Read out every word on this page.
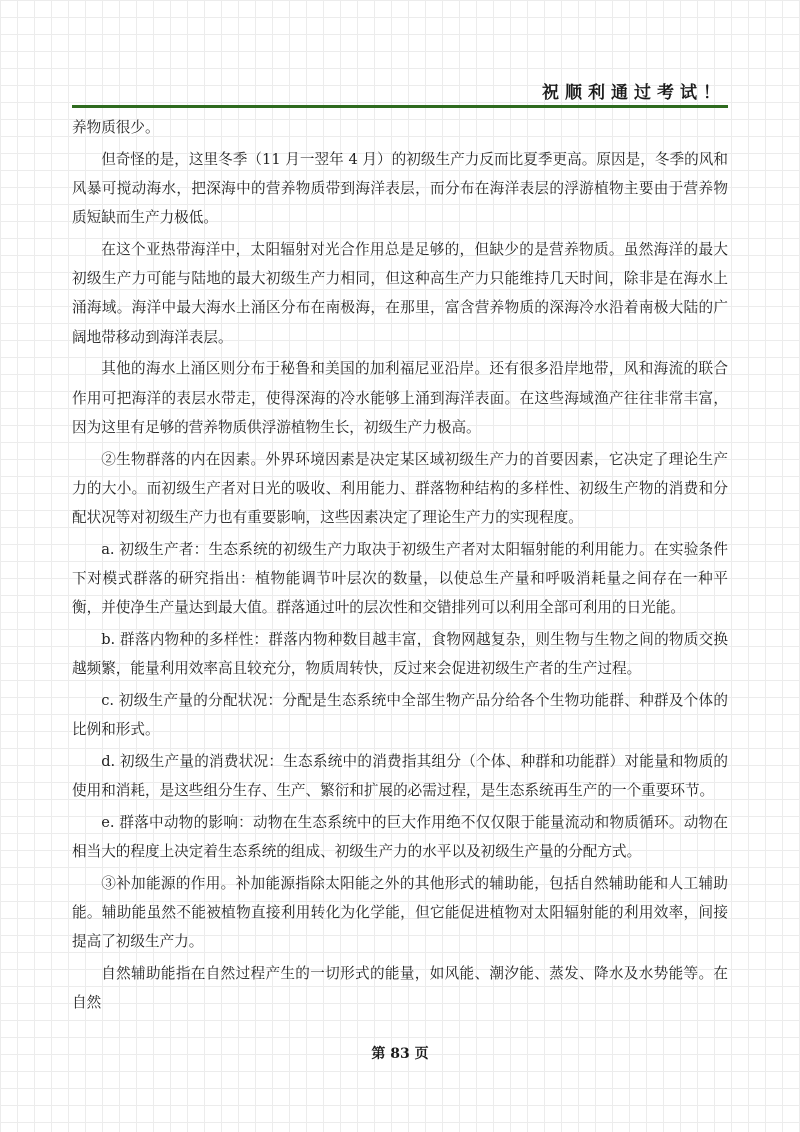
祝顺利通过考试！

养物质很少。

但奇怪的是，这里冬季（11 月一翌年 4 月）的初级生产力反而比夏季更高。原因是，冬季的风和风暴可搅动海水，把深海中的营养物质带到海洋表层，而分布在海洋表层的浮游植物主要由于营养物质短缺而生产力极低。

在这个亚热带海洋中，太阳辐射对光合作用总是足够的，但缺少的是营养物质。虽然海洋的最大初级生产力可能与陆地的最大初级生产力相同，但这种高生产力只能维持几天时间，除非是在海水上涌海域。海洋中最大海水上涌区分布在南极海，在那里，富含营养物质的深海冷水沿着南极大陆的广阔地带移动到海洋表层。

其他的海水上涌区则分布于秘鲁和美国的加利福尼亚沿岸。还有很多沿岸地带，风和海流的联合作用可把海洋的表层水带走，使得深海的冷水能够上涌到海洋表面。在这些海域渔产往往非常丰富，因为这里有足够的营养物质供浮游植物生长，初级生产力极高。

②生物群落的内在因素。外界环境因素是决定某区域初级生产力的首要因素，它决定了理论生产力的大小。而初级生产者对日光的吸收、利用能力、群落物种结构的多样性、初级生产物的消费和分配状况等对初级生产力也有重要影响，这些因素决定了理论生产力的实现程度。

a. 初级生产者：生态系统的初级生产力取决于初级生产者对太阳辐射能的利用能力。在实验条件下对模式群落的研究指出：植物能调节叶层次的数量，以使总生产量和呼吸消耗量之间存在一种平衡，并使净生产量达到最大值。群落通过叶的层次性和交错排列可以利用全部可利用的日光能。

b. 群落内物种的多样性：群落内物种数目越丰富，食物网越复杂，则生物与生物之间的物质交换越频繁，能量利用效率高且较充分，物质周转快，反过来会促进初级生产者的生产过程。

c. 初级生产量的分配状况：分配是生态系统中全部生物产品分给各个生物功能群、种群及个体的比例和形式。

d. 初级生产量的消费状况：生态系统中的消费指其组分（个体、种群和功能群）对能量和物质的使用和消耗，是这些组分生存、生产、繁衍和扩展的必需过程，是生态系统再生产的一个重要环节。

e. 群落中动物的影响：动物在生态系统中的巨大作用绝不仅仅限于能量流动和物质循环。动物在相当大的程度上决定着生态系统的组成、初级生产力的水平以及初级生产量的分配方式。

③补加能源的作用。补加能源指除太阳能之外的其他形式的辅助能，包括自然辅助能和人工辅助能。辅助能虽然不能被植物直接利用转化为化学能，但它能促进植物对太阳辐射能的利用效率，间接提高了初级生产力。

自然辅助能指在自然过程产生的一切形式的能量，如风能、潮汐能、蒸发、降水及水势能等。在自然

第 83 页
